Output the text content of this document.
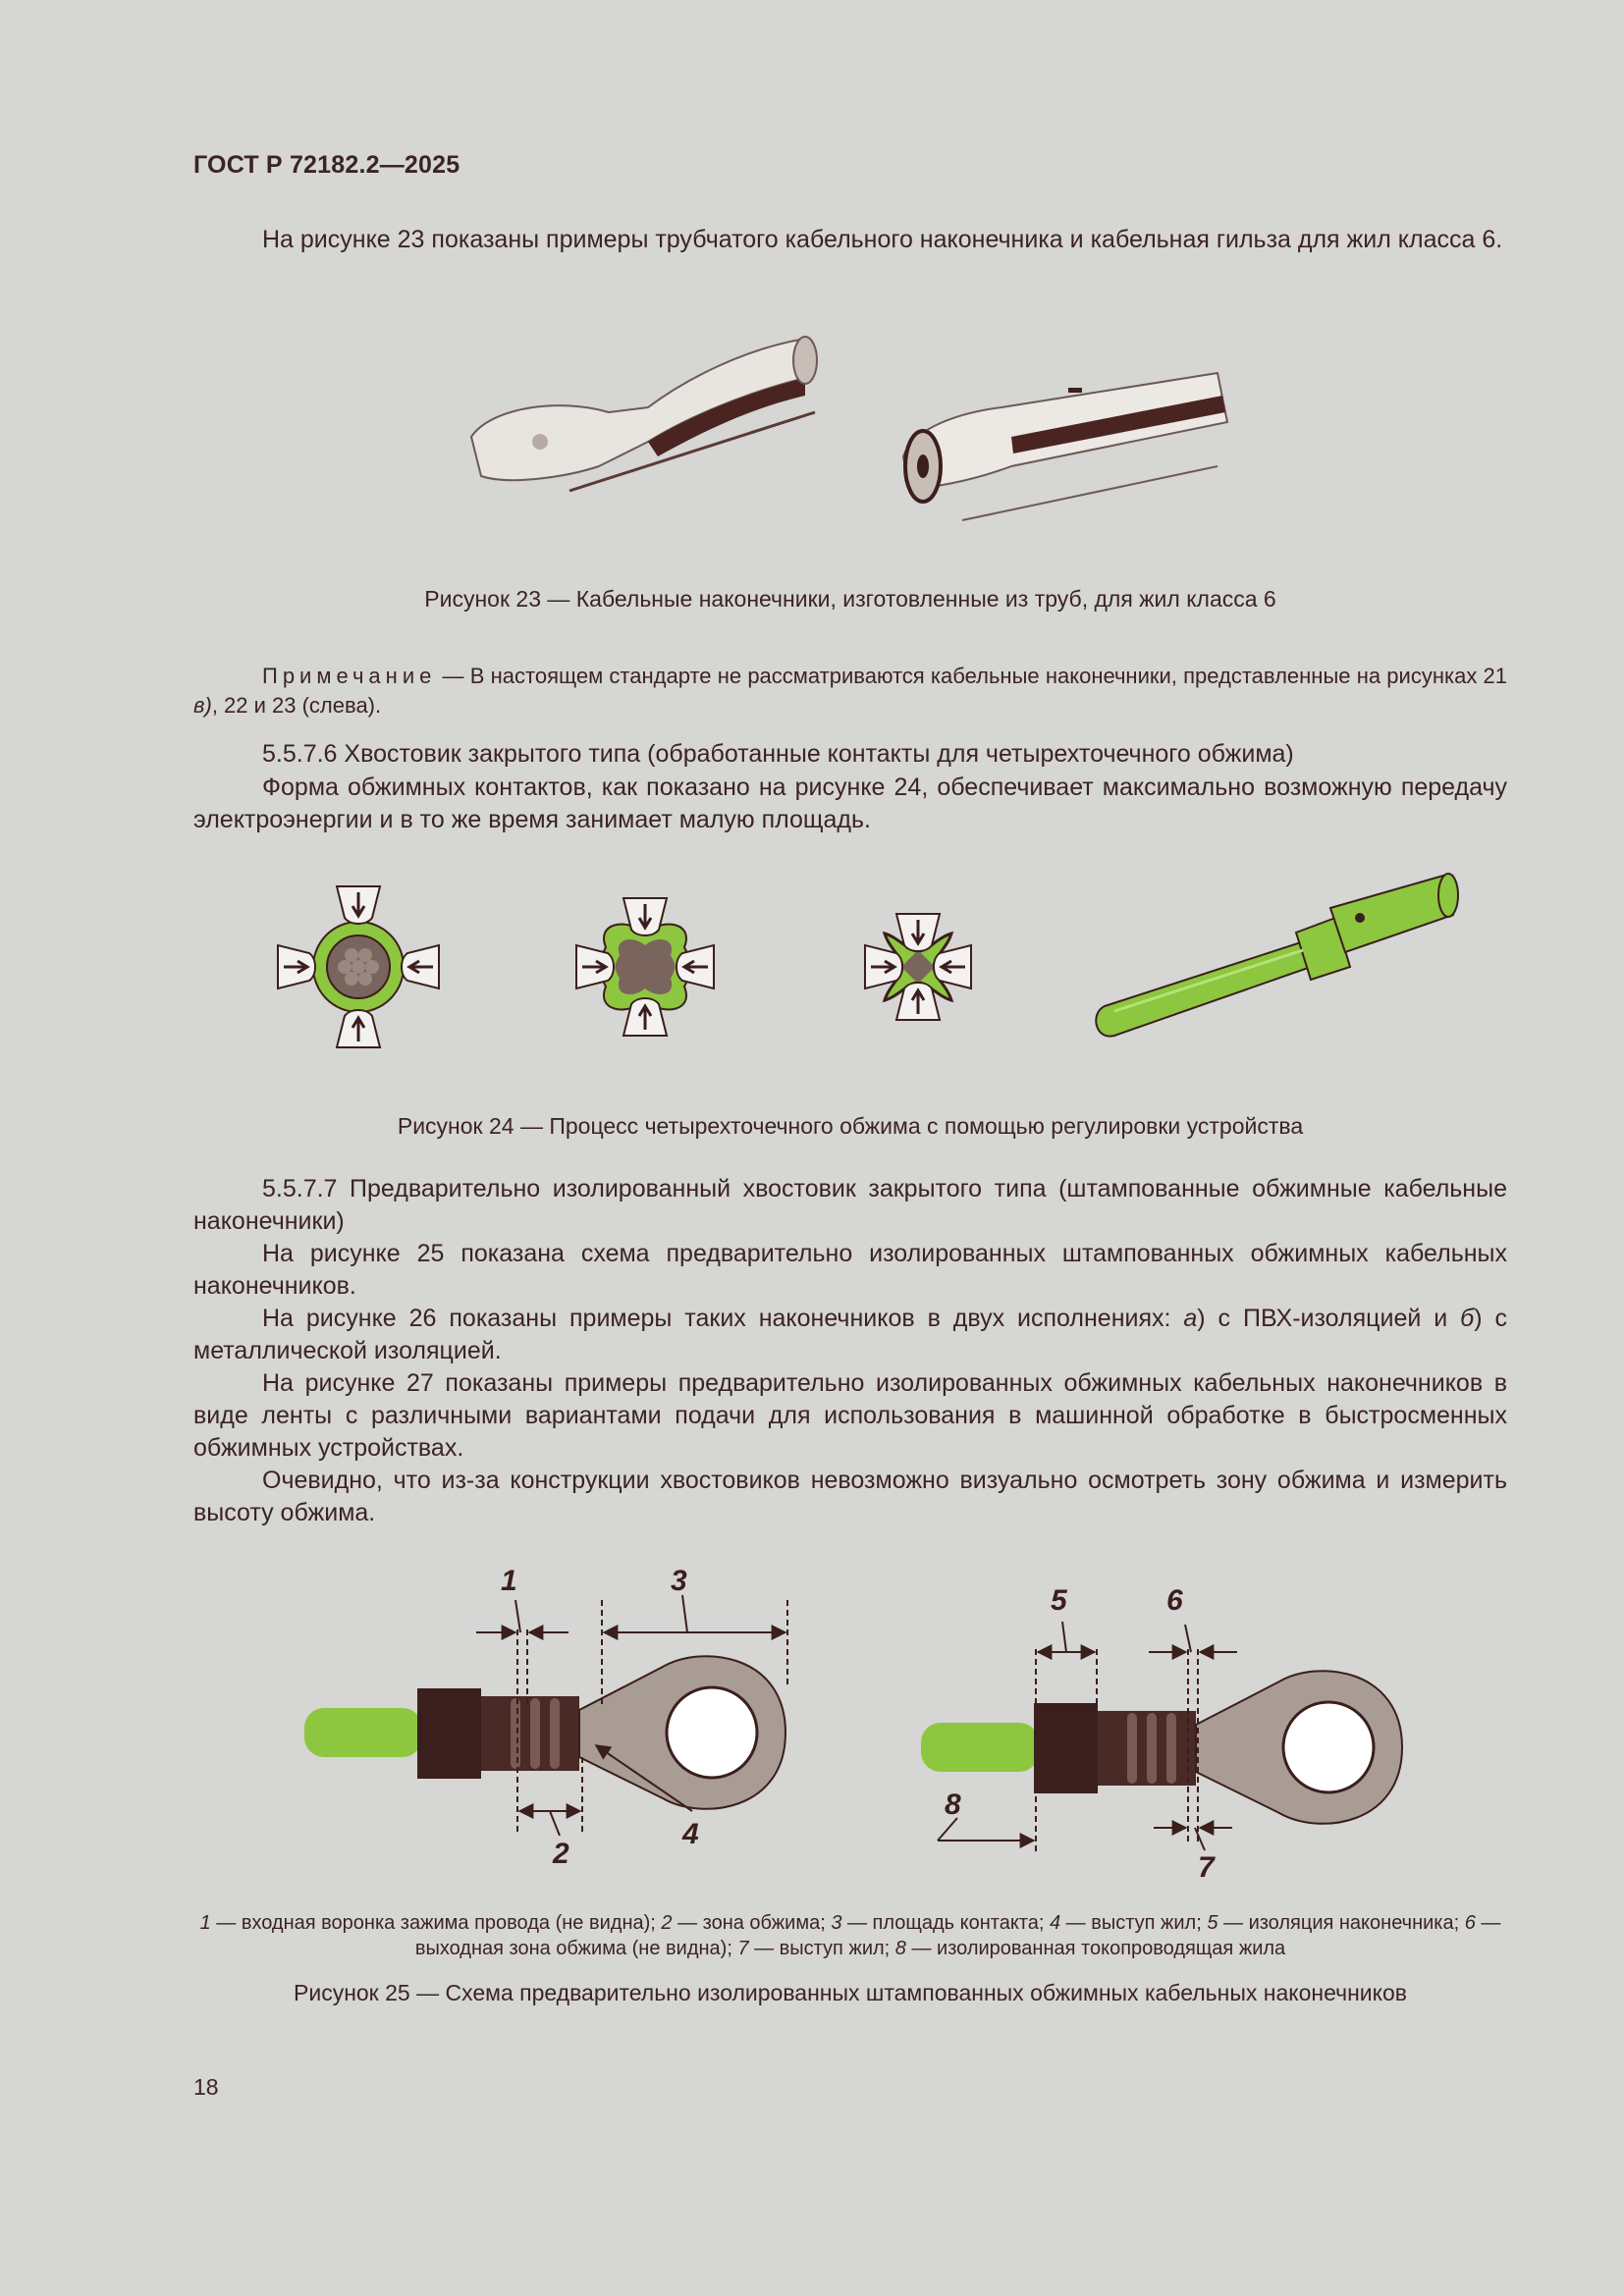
ГОСТ Р 72182.2—2025

На рисунке 23 показаны примеры трубчатого кабельного наконечника и кабельная гильза для жил класса 6.

Рисунок 23 — Кабельные наконечники, изготовленные из труб, для жил класса 6

Примечание — В настоящем стандарте не рассматриваются кабельные наконечники, представленные на рисунках 21 в), 22 и 23 (слева).

5.5.7.6 Хвостовик закрытого типа (обработанные контакты для четырехточечного обжима)

Форма обжимных контактов, как показано на рисунке 24, обеспечивает максимально возможную передачу электроэнергии и в то же время занимает малую площадь.

Рисунок 24 — Процесс четырехточечного обжима с помощью регулировки устройства

5.5.7.7 Предварительно изолированный хвостовик закрытого типа (штампованные обжимные кабельные наконечники)

На рисунке 25 показана схема предварительно изолированных штампованных обжимных кабельных наконечников.

На рисунке 26 показаны примеры таких наконечников в двух исполнениях: а) с ПВХ-изоляцией и б) с металлической изоляцией.

На рисунке 27 показаны примеры предварительно изолированных обжимных кабельных наконечников в виде ленты с различными вариантами подачи для использования в машинной обработке в быстросменных обжимных устройствах.

Очевидно, что из-за конструкции хвостовиков невозможно визуально осмотреть зону обжима и измерить высоту обжима.

1
2
3
4
5	6
7
8

1 — входная воронка зажима провода (не видна); 2 — зона обжима; 3 — площадь контакта; 4 — выступ жил; 5 — изоляция наконечника; 6 — выходная зона обжима (не видна); 7 — выступ жил; 8 — изолированная токопроводящая жила

Рисунок 25 — Схема предварительно изолированных штампованных обжимных кабельных наконечников

18
